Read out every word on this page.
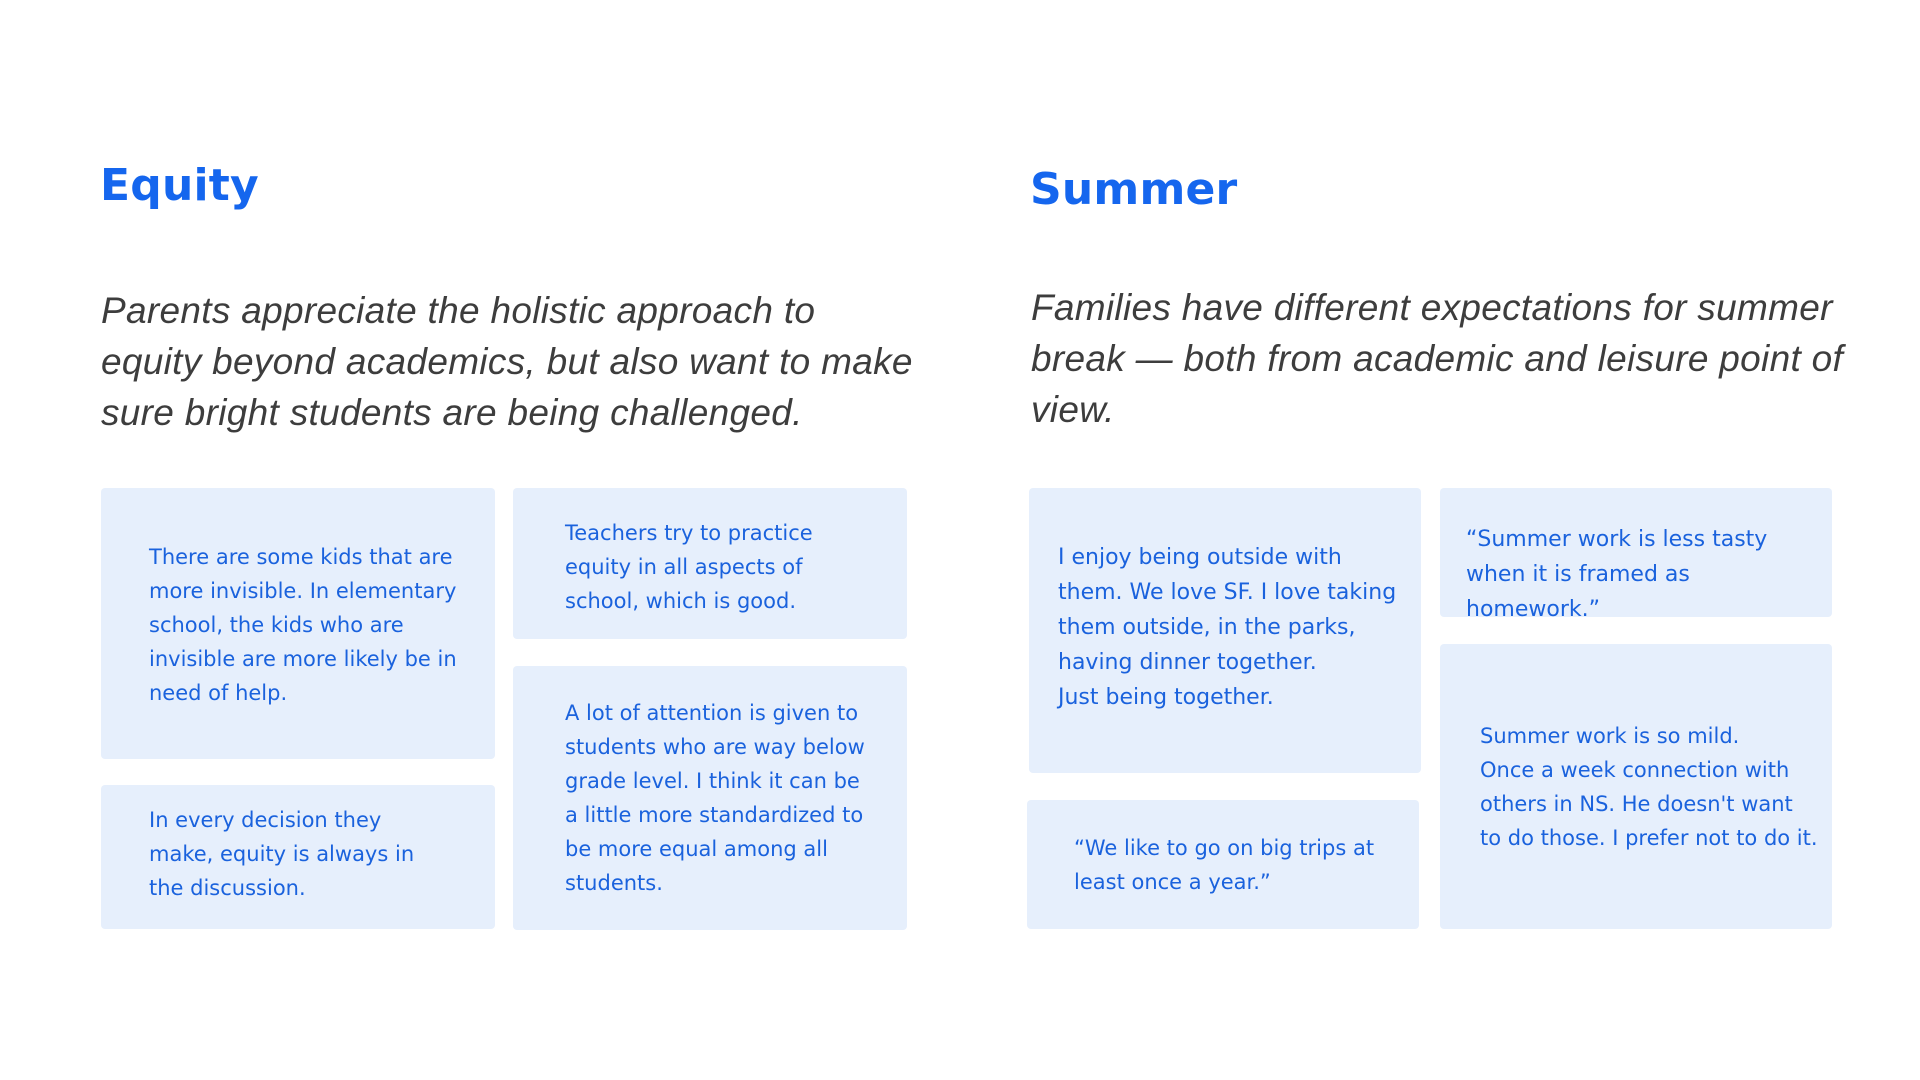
Equity

Parents appreciate the holistic approach to equity beyond academics, but also want to make sure bright students are being challenged.

There are some kids that are
more invisible. In elementary
school, the kids who are
invisible are more likely be in
need of help.

Teachers try to practice
equity in all aspects of
school, which is good.

In every decision they
make, equity is always in
the discussion.

A lot of attention is given to
students who are way below
grade level. I think it can be
a little more standardized to
be more equal among all
students.

Summer

Families have different expectations for summer break — both from academic and leisure point of view.

I enjoy being outside with
them. We love SF. I love taking
them outside, in the parks,
having dinner together.
Just being together.

“Summer work is less tasty
when it is framed as homework.”

“We like to go on big trips at
least once a year.”

Summer work is so mild.
Once a week connection with
others in NS. He doesn't want
to do those. I prefer not to do it.
